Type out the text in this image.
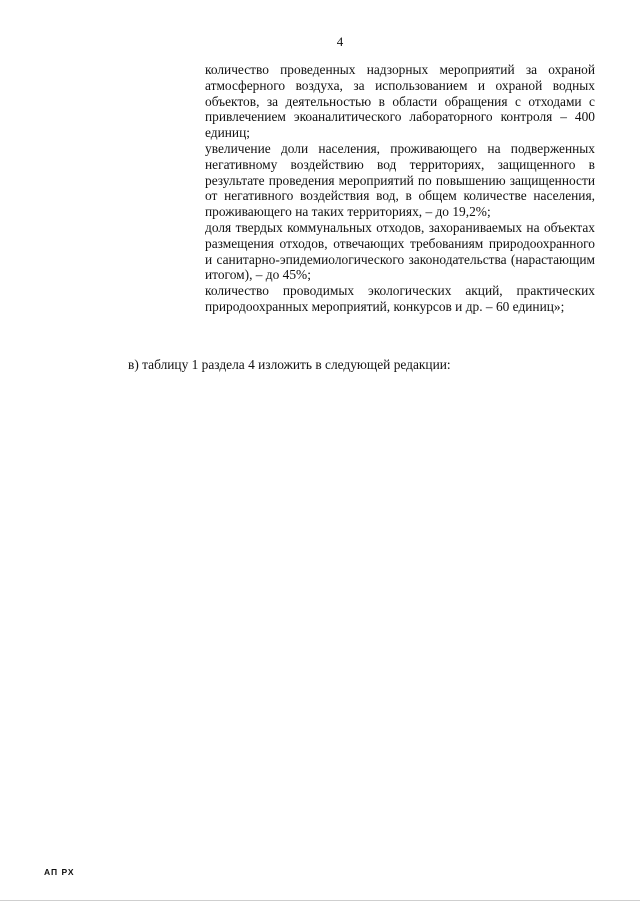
4

количество проведенных надзорных мероприятий за охраной атмосферного воздуха, за использованием и охраной водных объектов, за деятельностью в области обращения с отходами с привлечением экоаналитического лабораторного контроля – 400 единиц;

увеличение доли населения, проживающего на подверженных негативному воздействию вод территориях, защищенного в результате проведения мероприятий по повышению защищенности от негативного воздействия вод, в общем количестве населения, проживающего на таких территориях, – до 19,2%;

доля твердых коммунальных отходов, захораниваемых на объектах размещения отходов, отвечающих требованиям природоохранного и санитарно-эпидемиологического законодательства (нарастающим итогом), – до 45%;

количество проводимых экологических акций, практических природоохранных мероприятий, конкурсов и др. – 60 единиц»;

в) таблицу 1 раздела 4 изложить в следующей редакции:

АП РХ
